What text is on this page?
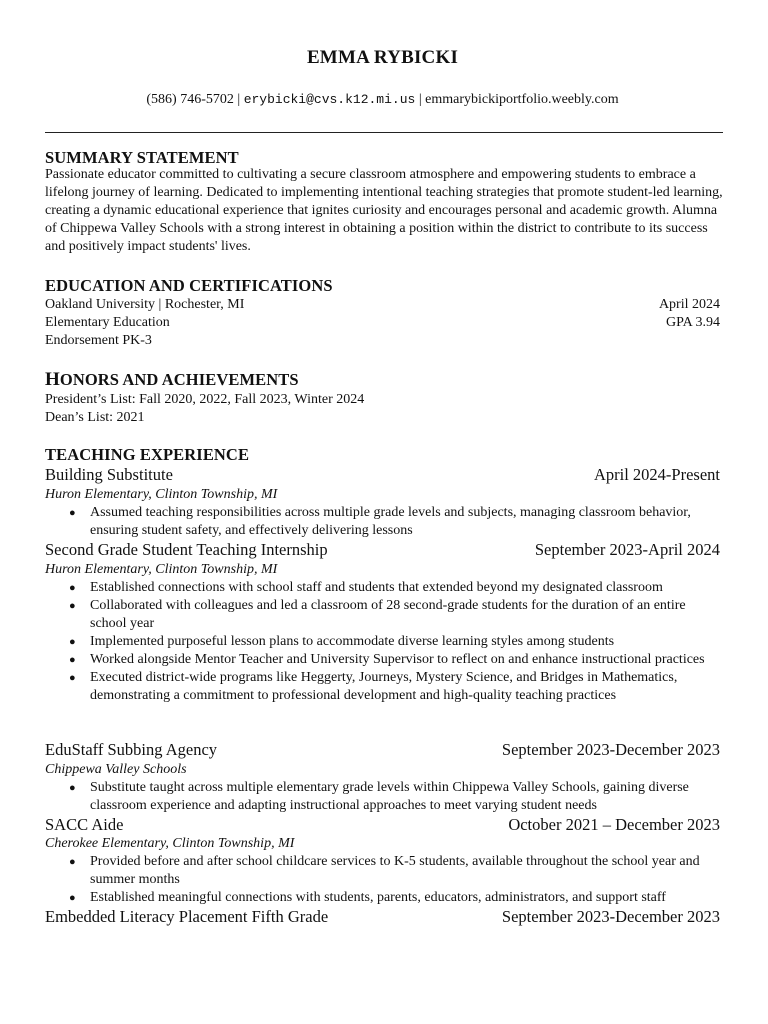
EMMA RYBICKI
(586) 746-5702 | erybicki@cvs.k12.mi.us | emmarybickiportfolio.weebly.com
SUMMARY STATEMENT
Passionate educator committed to cultivating a secure classroom atmosphere and empowering students to embrace a lifelong journey of learning. Dedicated to implementing intentional teaching strategies that promote student-led learning, creating a dynamic educational experience that ignites curiosity and encourages personal and academic growth. Alumna of Chippewa Valley Schools with a strong interest in obtaining a position within the district to contribute to its success and positively impact students' lives.
EDUCATION AND CERTIFICATIONS
Oakland University | Rochester, MI	April 2024
Elementary Education	GPA 3.94
Endorsement PK-3
HONORS AND ACHIEVEMENTS
President’s List: Fall 2020, 2022, Fall 2023, Winter 2024
Dean’s List: 2021
TEACHING EXPERIENCE
Building Substitute	April 2024-Present
Huron Elementary, Clinton Township, MI
● Assumed teaching responsibilities across multiple grade levels and subjects, managing classroom behavior, ensuring student safety, and effectively delivering lessons
Second Grade Student Teaching Internship	September 2023-April 2024
Huron Elementary, Clinton Township, MI
● Established connections with school staff and students that extended beyond my designated classroom
● Collaborated with colleagues and led a classroom of 28 second-grade students for the duration of an entire school year
● Implemented purposeful lesson plans to accommodate diverse learning styles among students
● Worked alongside Mentor Teacher and University Supervisor to reflect on and enhance instructional practices
● Executed district-wide programs like Heggerty, Journeys, Mystery Science, and Bridges in Mathematics, demonstrating a commitment to professional development and high-quality teaching practices
EduStaff Subbing Agency	September 2023-December 2023
Chippewa Valley Schools
● Substitute taught across multiple elementary grade levels within Chippewa Valley Schools, gaining diverse classroom experience and adapting instructional approaches to meet varying student needs
SACC Aide	October 2021 – December 2023
Cherokee Elementary, Clinton Township, MI
● Provided before and after school childcare services to K-5 students, available throughout the school year and summer months
● Established meaningful connections with students, parents, educators, administrators, and support staff
Embedded Literacy Placement Fifth Grade	September 2023-December 2023
